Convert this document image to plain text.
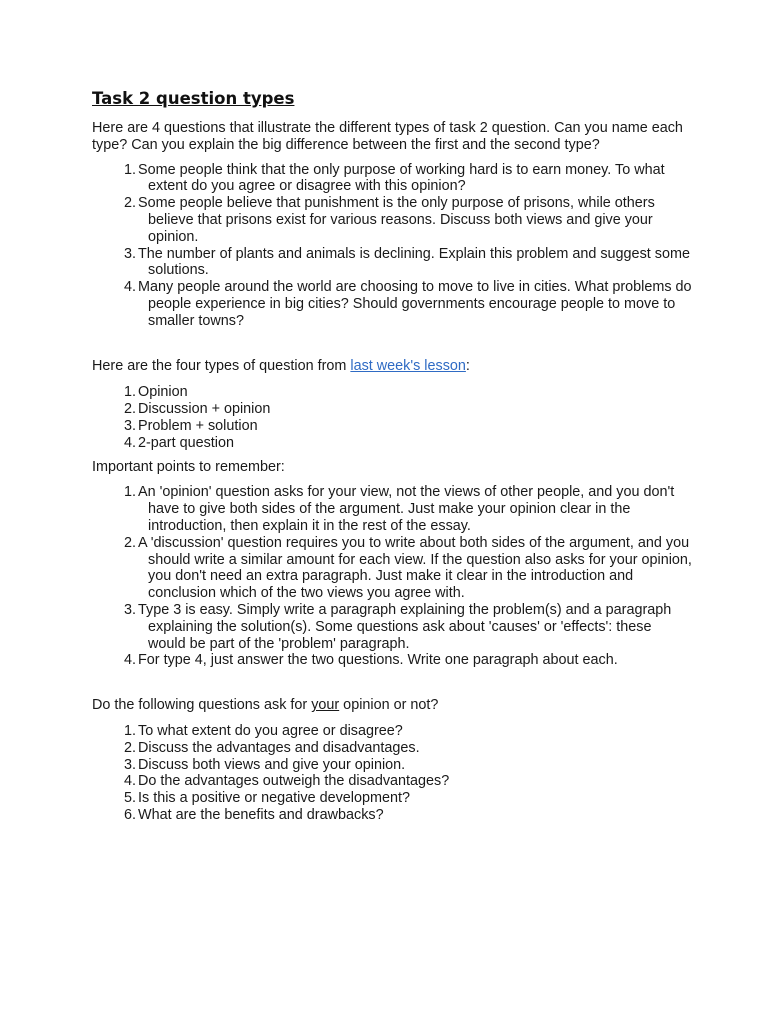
Task 2 question types

Here are 4 questions that illustrate the different types of task 2 question. Can you name each type? Can you explain the big difference between the first and the second type?

1. Some people think that the only purpose of working hard is to earn money. To what extent do you agree or disagree with this opinion?
2. Some people believe that punishment is the only purpose of prisons, while others believe that prisons exist for various reasons. Discuss both views and give your opinion.
3. The number of plants and animals is declining. Explain this problem and suggest some solutions.
4. Many people around the world are choosing to move to live in cities. What problems do people experience in big cities? Should governments encourage people to move to smaller towns?

Here are the four types of question from last week's lesson:

1. Opinion
2. Discussion + opinion
3. Problem + solution
4. 2-part question

Important points to remember:

1. An 'opinion' question asks for your view, not the views of other people, and you don't have to give both sides of the argument. Just make your opinion clear in the introduction, then explain it in the rest of the essay.
2. A 'discussion' question requires you to write about both sides of the argument, and you should write a similar amount for each view. If the question also asks for your opinion, you don't need an extra paragraph. Just make it clear in the introduction and conclusion which of the two views you agree with.
3. Type 3 is easy. Simply write a paragraph explaining the problem(s) and a paragraph explaining the solution(s). Some questions ask about 'causes' or 'effects': these would be part of the 'problem' paragraph.
4. For type 4, just answer the two questions. Write one paragraph about each.

Do the following questions ask for your opinion or not?

1. To what extent do you agree or disagree?
2. Discuss the advantages and disadvantages.
3. Discuss both views and give your opinion.
4. Do the advantages outweigh the disadvantages?
5. Is this a positive or negative development?
6. What are the benefits and drawbacks?
